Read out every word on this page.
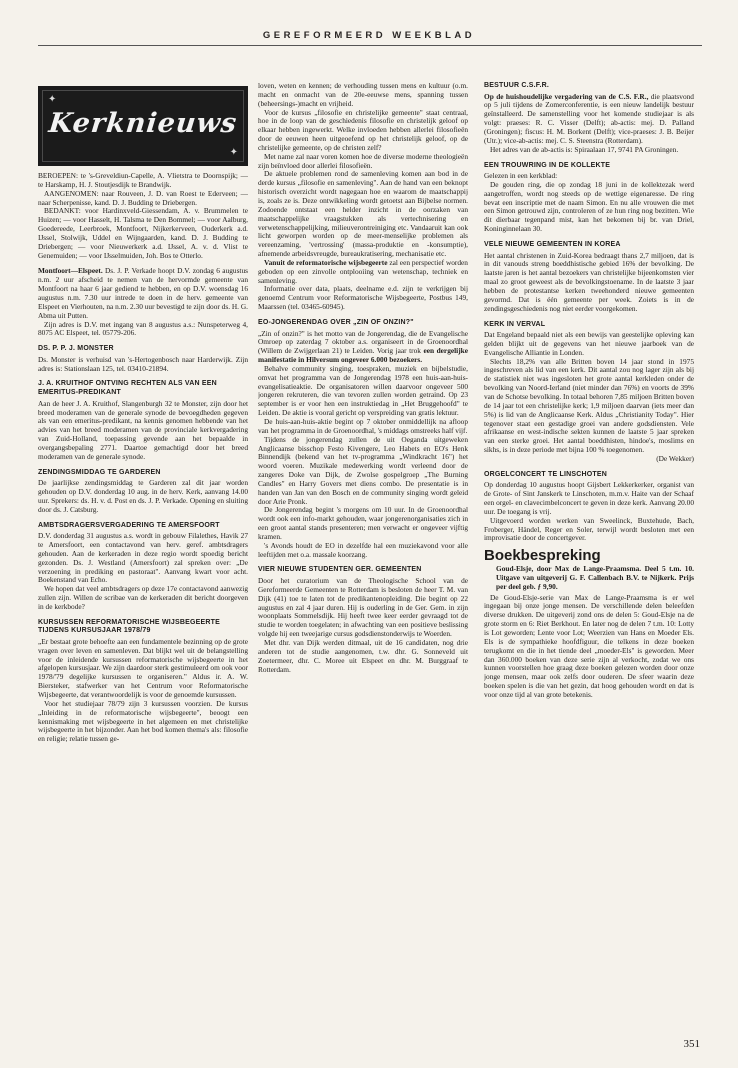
GEREFORMEERD WEEKBLAD
✦
✦
Kerknieuws

BEROEPEN: te 's-Greveldiun-Capelle, A. Vlietstra te Doornspijk; — te Harskamp, H. J. Stoutjesdijk te Brandwijk.

AANGENOMEN: naar Rouveen, J. D. van Roest te Ederveen; — naar Scherpenisse, kand. D. J. Budding te Driebergen.

BEDANKT: voor Hardinxveld-Giessendam, A. v. Brummelen te Huizen; — voor Hasselt, H. Talsma te Den Bommel; — voor Aalburg, Goedereede, Leerbroek, Montfoort, Nijkerkerveen, Ouderkerk a.d. IJssel, Stolwijk, Uddel en Wijngaarden, kand. D. J. Budding te Driebergen; — voor Nieuwerkerk a.d. IJssel, A. v. d. Vlist te Genemuiden; — voor IJsselmuiden, Joh. Bos te Otterlo.

Montfoort—Elspeet. Ds. J. P. Verkade hoopt D.V. zondag 6 augustus n.m. 2 uur afscheid te nemen van de hervormde gemeente van Montfoort na haar 6 jaar gediend te hebben, en op D.V. woensdag 16 augustus n.m. 7.30 uur intrede te doen in de herv. gemeente van Elspeet en Vierhouten, na n.m. 2.30 uur bevestigd te zijn door ds. H. G. Abma uit Putten.

Zijn adres is D.V. met ingang van 8 augustus a.s.: Nunspeterweg 4, 8075 AC Elspeet, tel. 05779-206.

DS. P. P. J. MONSTER

Ds. Monster is verhuisd van 's-Hertogenbosch naar Harderwijk. Zijn adres is: Stationslaan 125, tel. 03410-21894.

J. A. KRUITHOF ONTVING RECHTEN ALS VAN EEN EMERITUS-PREDIKANT

Aan de heer J. A. Kruithof, Slangenburgh 32 te Monster, zijn door het breed moderamen van de generale synode de bevoegdheden gegeven als van een emeritus-predikant, na kennis genomen hebbende van het advies van het breed moderamen van de provinciale kerkvergadering van Zuid-Holland, toepassing gevende aan het bepaalde in overgangsbepaling 2771. Daartoe gemachtigd door het breed moderamen van de generale synode.

ZENDINGSMIDDAG TE GARDEREN

De jaarlijkse zendingsmiddag te Garderen zal dit jaar worden gehouden op D.V. donderdag 10 aug. in de herv. Kerk, aanvang 14.00 uur. Sprekers: ds. H. v. d. Post en ds. J. P. Verkade. Opening en sluiting door ds. J. Catsburg.

AMBTSDRAGERSVERGADERING TE AMERSFOORT

D.V. donderdag 31 augustus a.s. wordt in gebouw Filalethes, Havik 27 te Amersfoort, een contactavond van herv. geref. ambtsdragers gehouden. Aan de kerkeraden in deze regio wordt spoedig bericht gezonden. Ds. J. Westland (Amersfoort) zal spreken over: „De verzoening in prediking en pastoraat". Aanvang kwart voor acht. Boekenstand van Echo.

We hopen dat veel ambtsdragers op deze 17e contactavond aanwezig zullen zijn. Willen de scribae van de kerkeraden dit bericht doorgeven in de kerkbode?

KURSUSSEN REFORMATORISCHE WIJSBEGEERTE TIJDENS KURSUSJAAR 1978/79

„Er bestaat grote behoefte aan een fundamentele bezinning op de grote vragen over leven en samenleven. Dat blijkt wel uit de belangstelling voor de inleidende kursussen reformatorische wijsbegeerte in het afgelopen kursusjaar. We zijn daardoor sterk gestimuleerd om ook voor 1978/'79 degelijke kursussen te organiseren." Aldus ir. A. W. Biersteker, stafwerker van het Centrum voor Reformatorische Wijsbegeerte, dat verantwoordelijk is voor de genoemde kursussen.

Voor het studiejaar 78/79 zijn 3 kursussen voorzien. De kursus „Inleiding in de reformatorische wijsbegeerte", beoogt een kennismaking met wijsbegeerte in het algemeen en met christelijke wijsbegeerte in het bijzonder. Aan het bod komen thema's als: filosofie en religie; relatie tussen ge-

loven, weten en kennen; de verhouding tussen mens en kultuur (o.m. macht en onmacht van de 20e-eeuwse mens, spanning tussen (beheersings-)macht en vrijheid.

Voor de kursus „filosofie en christelijke gemeente" staat centraal, hoe in de loop van de geschiedenis filosofie en christelijk geloof op elkaar hebben ingewerkt. Welke invloeden hebben allerlei filosofieën door de eeuwen heen uitgeoefend op het christelijk geloof, op de christelijke gemeente, op de christen zelf?

Met name zal naar voren komen hoe de diverse moderne theologieën zijn beïnvloed door allerlei filosofieën.

De aktuele problemen rond de samenleving komen aan bod in de derde kursus „filosofie en samenleving". Aan de hand van een beknopt historisch overzicht wordt nagegaan hoe en waarom de maatschappij is, zoals ze is. Deze ontwikkeling wordt getoetst aan Bijbelse normen. Zodoende ontstaat een helder inzicht in de oorzaken van maatschappelijke vraagstukken als vertechnisering en verwetenschappelijking, milieuverontreiniging etc. Vandaaruit kan ook licht geworpen worden op de meer-menselijke problemen als vereenzaming, 'vertrossing' (massa-produktie en -konsumptie), afnemende arbeidsvreugde, bureaukratisering, mechanisatie etc.

Vanuit de reformatorische wijsbegeerte zal een perspectief worden geboden op een zinvolle ontplooiing van wetenschap, techniek en samenleving.

Informatie over data, plaats, deelname e.d. zijn te verkrijgen bij genoemd Centrum voor Reformatorische Wijsbegeerte, Postbus 149, Maarssen (tel. 03465-60945).

EO-JONGERENDAG OVER „ZIN OF ONZIN?"

„Zin of onzin?" is het motto van de Jongerendag, die de Evangelische Omroep op zaterdag 7 oktober a.s. organiseert in de Groenoordhal (Willem de Zwijgerlaan 21) te Leiden. Vorig jaar trok een dergelijke manifestatie in Hilversum ongeveer 6.000 bezoekers.

Behalve community singing, toespraken, muziek en bijbelstudie, omvat het programma van de Jongerendag 1978 een huis-aan-huis-evangelisatieaktie. De organisatoren willen daarvoor ongeveer 500 jongeren rekruteren, die van tevoren zullen worden getraind. Op 23 september is er voor hen een instruktiedag in „Het Bruggehoofd" te Leiden. De aktie is vooral gericht op verspreiding van gratis lektuur.

De huis-aan-huis-aktie begint op 7 oktober onmiddellijk na afloop van het programma in de Groenoordhal, 's middags omstreeks half vijf.

Tijdens de jongerendag zullen de uit Oeganda uitgeweken Anglicaanse bisschop Festo Kivengere, Leo Habets en EO's Henk Binnendijk (bekend van het tv-programma „Windkracht 16") het woord voeren. Muzikale medewerking wordt verleend door de zangeres Doke van Dijk, de Zwolse gospelgroep „The Burning Candles" en Harry Govers met diens combo. De presentatie is in handen van Jan van den Bosch en de community singing wordt geleid door Arie Pronk.

De Jongerendag begint 's morgens om 10 uur. In de Groenoordhal wordt ook een info-markt gehouden, waar jongerenorganisaties zich in een groot aantal stands presenteren; men verwacht er ongeveer vijftig kramen.

's Avonds houdt de EO in dezelfde hal een muziekavond voor alle leeftijden met o.a. massale koorzang.

VIER NIEUWE STUDENTEN GER. GEMEENTEN

Door het curatorium van de Theologische School van de Gereformeerde Gemeenten te Rotterdam is besloten de heer T. M. van Dijk (41) toe te laten tot de predikantenopleiding. Die begint op 22 augustus en zal 4 jaar duren. Hij is ouderling in de Ger. Gem. in zijn woonplaats Sommelsdijk. Hij heeft twee keer eerder gevraagd tot de studie te worden toegelaten; in afwachting van een positieve beslissing volgde hij een tweejarige cursus godsdienstonderwijs te Woerden.

Met dhr. van Dijk werden ditmaal, uit de 16 candidaten, nog drie anderen tot de studie aangenomen, t.w. dhr. G. Sonneveld uit Zoetermeer, dhr. C. Moree uit Elspeet en dhr. M. Burggraaf te Rotterdam.

BESTUUR C.S.F.R.

Op de huishoudelijke vergadering van de C.S. F.R., die plaatsvond op 5 juli tijdens de Zomerconferentie, is een nieuw landelijk bestuur geïnstalleerd. De samenstelling voor het komende studiejaar is als volgt: praeses: R. C. Visser (Delft); ab-actis: mej. D. Palland (Groningen); fiscus: H. M. Borkent (Delft); vice-praeses: J. B. Beijer (Utr.); vice-ab-actis: mej. C. S. Steenstra (Rotterdam).

Het adres van de ab-actis is: Spiraalaan 17, 9741 PA Groningen.

EEN TROUWRING IN DE KOLLEKTE

Gelezen in een kerkblad:

De gouden ring, die op zondag 18 juni in de kollektezak werd aangetroffen, wordt nog steeds op de wettige eigenaresse. De ring bevat een inscriptie met de naam Simon. En nu alle vrouwen die met een Simon getrouwd zijn, controleren of ze hun ring nog bezitten. Wie dit dierbaar tegenpand mist, kan het bekomen bij br. van Driel, Koninginnelaan 30.

VELE NIEUWE GEMEENTEN IN KOREA

Het aantal christenen in Zuid-Korea bedraagt thans 2,7 miljoen, dat is in dit vanouds streng boeddhistische gebied 16% der bevolking. De laatste jaren is het aantal bezoekers van christelijke bijeenkomsten vier maal zo groot geweest als de bevolkingstoename. In de laatste 3 jaar hebben de protestantse kerken tweehonderd nieuwe gemeenten gevormd. Dat is één gemeente per week. Zoiets is in de zendingsgeschiedenis nog niet eerder voorgekomen.

KERK IN VERVAL

Dat Engeland bepaald niet als een bewijs van geestelijke opleving kan gelden blijkt uit de gegevens van het nieuwe jaarboek van de Evangelische Alliantie in Londen.

Slechts 18,2% van alle Britten boven 14 jaar stond in 1975 ingeschreven als lid van een kerk. Dit aantal zou nog lager zijn als bij de statistiek niet was ingesloten het grote aantal kerkleden onder de bevolking van Noord-Ierland (niet minder dan 76%) en voorts de 39% van de Schotse bevolking. In totaal behoren 7,85 miljoen Britten boven de 14 jaar tot een christelijke kerk; 1,9 miljoen daarvan (iets meer dan 5%) is lid van de Anglicaanse Kerk. Aldus „Christianity Today". Hier tegenover staat een gestadige groei van andere godsdiensten. Vele afrikaanse en west-indische sekten kunnen de laatste 5 jaar spreken van een sterke groei. Het aantal boeddhisten, hindoe's, moslims en sikhs, is in deze periode met bijna 100 % toegenomen.

(De Wekker)

ORGELCONCERT TE LINSCHOTEN

Op donderdag 10 augustus hoopt Gijsbert Lekkerkerker, organist van de Grote- of Sint Janskerk te Linschoten, m.m.v. Haite van der Schaaf een orgel- en clavecimbelconcert te geven in deze kerk. Aanvang 20.00 uur. De toegang is vrij.

Uitgevoerd worden werken van Sweelinck, Buxtehude, Bach, Froberger, Händel, Reger en Soler, terwijl wordt besloten met een improvisatie door de concertgever.

Boekbespreking

Goud-Elsje, door Max de Lange-Praamsma. Deel 5 t.m. 10. Uitgave van uitgeverij G. F. Callenbach B.V. te Nijkerk. Prijs per deel geb. ƒ 9,90.

De Goud-Elsje-serie van Max de Lange-Praamsma is er wel ingegaan bij onze jonge mensen. De verschillende delen beleefden diverse drukken. De uitgeverij zond ons de delen 5: Goud-Elsje na de grote storm en 6: Riet Berkhout. En later nog de delen 7 t.m. 10: Lotty is Lot geworden; Lente voor Lot; Weerzien van Hans en Moeder Els. Els is de sympathieke hoofdfiguur, die telkens in deze boeken terugkomt en die in het tiende deel „moeder-Els" is geworden. Meer dan 360.000 boeken van deze serie zijn al verkocht, zodat we ons kunnen voorstellen hoe graag deze boeken gelezen worden door onze jonge mensen, maar ook zelfs door ouderen. De sfeer waarin deze boeken spelen is die van het gezin, dat hoog gehouden wordt en dat is voor onze tijd al van grote betekenis.

351
